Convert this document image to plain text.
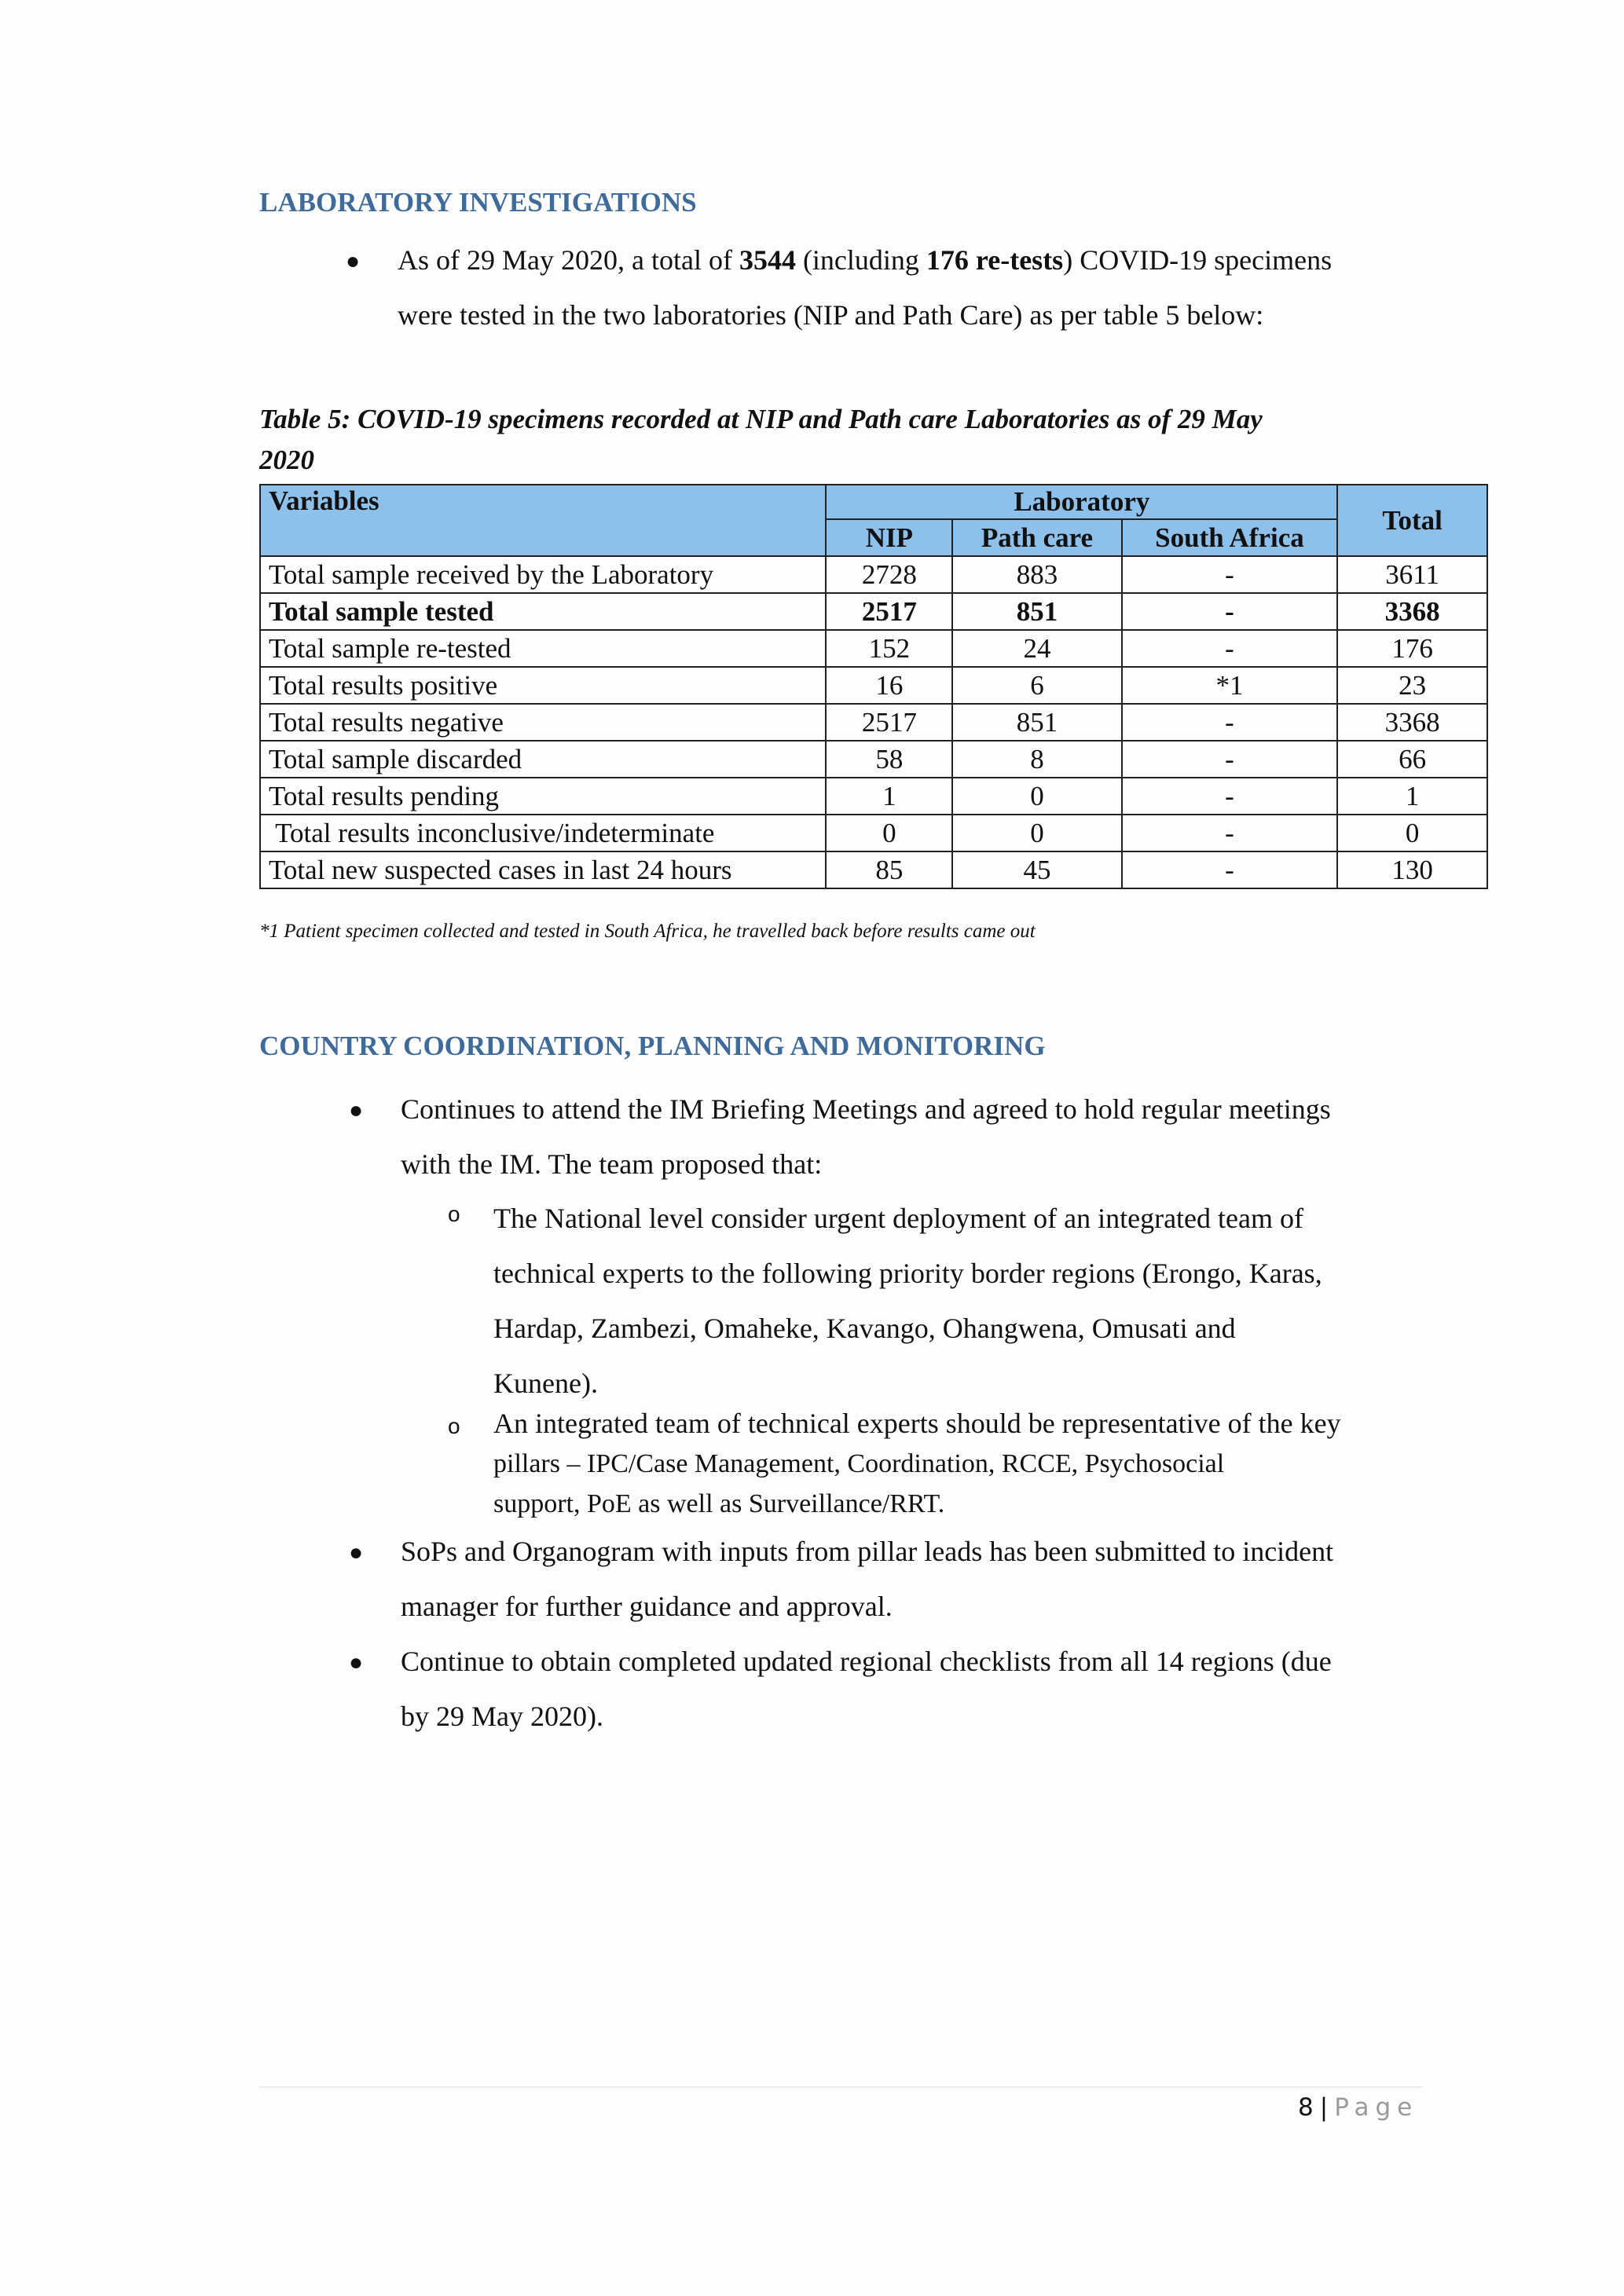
LABORATORY INVESTIGATIONS
● As of 29 May 2020, a total of 3544 (including 176 re-tests) COVID-19 specimens
were tested in the two laboratories (NIP and Path Care) as per table 5 below:
Table 5: COVID-19 specimens recorded at NIP and Path care Laboratories as of 29 May
2020
Variables	Laboratory			Total
	NIP	Path care	South Africa	
Total sample received by the Laboratory	2728	883	-	3611
Total sample tested	2517	851	-	3368
Total sample re-tested	152	24	-	176
Total results positive	16	6	*1	23
Total results negative	2517	851	-	3368
Total sample discarded	58	8	-	66
Total results pending	1	0	-	1
Total results inconclusive/indeterminate	0	0	-	0
Total new suspected cases in last 24 hours	85	45	-	130
*1 Patient specimen collected and tested in South Africa, he travelled back before results came out
COUNTRY COORDINATION, PLANNING AND MONITORING
● Continues to attend the IM Briefing Meetings and agreed to hold regular meetings
with the IM. The team proposed that:
o The National level consider urgent deployment of an integrated team of
technical experts to the following priority border regions (Erongo, Karas,
Hardap, Zambezi, Omaheke, Kavango, Ohangwena, Omusati and
Kunene).
o An integrated team of technical experts should be representative of the key
pillars – IPC/Case Management, Coordination, RCCE, Psychosocial
support, PoE as well as Surveillance/RRT.
● SoPs and Organogram with inputs from pillar leads has been submitted to incident
manager for further guidance and approval.
● Continue to obtain completed updated regional checklists from all 14 regions (due
by 29 May 2020).
8 | Page
